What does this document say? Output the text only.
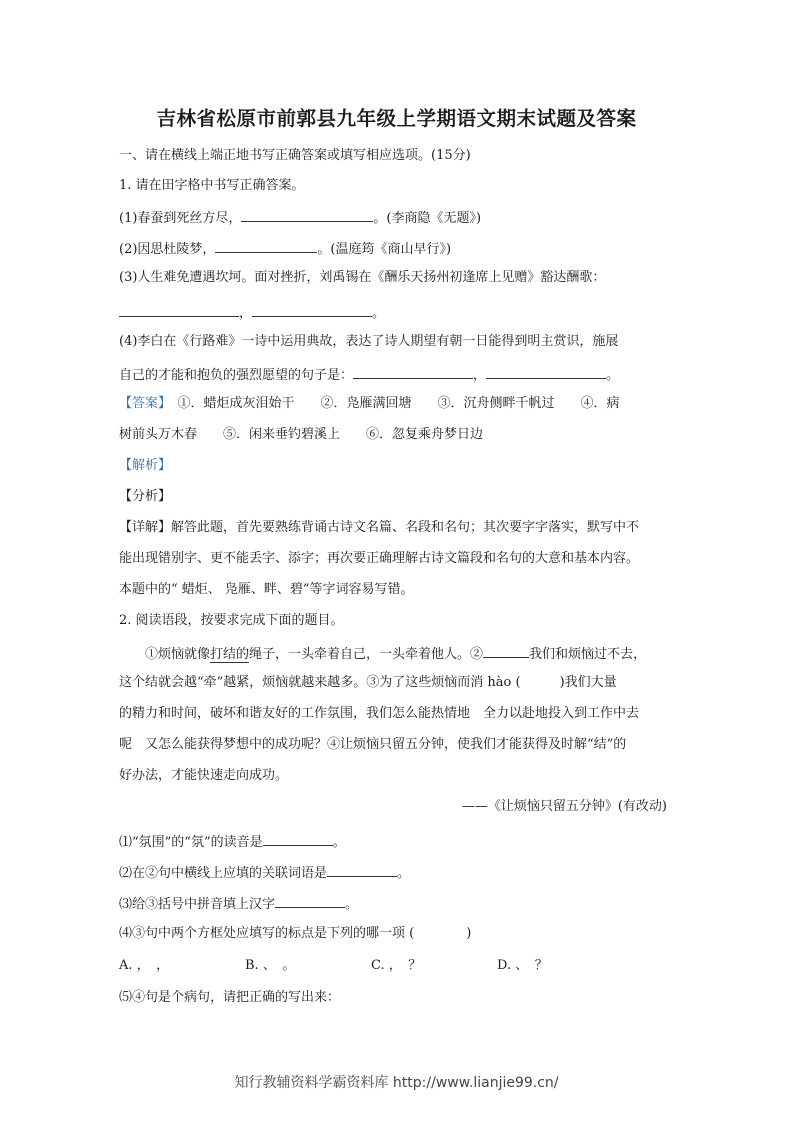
吉林省松原市前郭县九年级上学期语文期末试题及答案
一、请在横线上端正地书写正确答案或填写相应选项。(15分)
1. 请在田字格中书写正确答案。
(1)春蚕到死丝方尽，	。(李商隐《无题》)
(2)因思杜陵梦，	。(温庭筠《商山早行》)
(3)人生难免遭遇坎坷。面对挫折，刘禹锡在《酬乐天扬州初逢席上见赠》豁达酬歌：
，	。
(4)李白在《行路难》一诗中运用典故，表达了诗人期望有朝一日能得到明主赏识，施展
自己的才能和抱负的强烈愿望的句子是：	，	。
【答案】　 ①．蜡炬成灰泪始干　　②．凫雁满回塘　　③．沉舟侧畔千帆过　　④．病
树前头万木春　　⑤．闲来垂钓碧溪上　　⑥．忽复乘舟梦日边
【解析】
【分析】
【详解】解答此题，首先要熟练背诵古诗文名篇、名段和名句；其次要字字落实，默写中不
能出现错别字、更不能丢字、添字；再次要正确理解古诗文篇段和名句的大意和基本内容。
本题中的“ 蜡炬、 凫雁、畔、碧”等字词容易写错。
2. 阅读语段，按要求完成下面的题目。
①烦恼就像打结的绳子，一头牵着自己，一头牵着他人。②	我们和烦恼过不去，
这个结就会越“牵”越紧，烦恼就越来越多。③为了这些烦恼而消 hào (　　　)我们大量
的精力和时间，破坏和谐友好的工作氛围，我们怎么能热情地　全力以赴地投入到工作中去
呢　又怎么能获得梦想中的成功呢？④让烦恼只留五分钟，使我们才能获得及时解“结”的
好办法，才能快速走向成功。
——《让烦恼只留五分钟》(有改动)
⑴“氛围”的“氛”的读音是	。
⑵在②句中横线上应填的关联词语是	。
⑶给③括号中拼音填上汉字	。
⑷③句中两个方框处应填写的标点是下列的哪一项 (　　　　)
A. ，　，	B. 、　。	C. ，　？	D. 、　？
⑸④句是个病句，请把正确的写出来：
知行教辅资料学霸资料库 http://www.lianjie99.cn/
